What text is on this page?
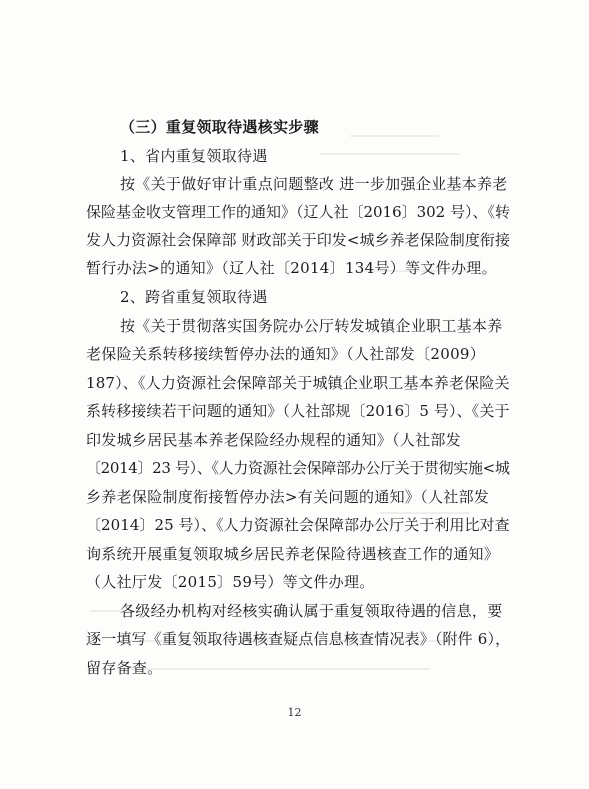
（三）重复领取待遇核实步骤
1、省内重复领取待遇
按《关于做好审计重点问题整改 进一步加强企业基本养老
保险基金收支管理工作的通知》（辽人社〔2016〕302 号）、《转
发人力资源社会保障部 财政部关于印发<城乡养老保险制度衔接
暂行办法>的通知》（辽人社〔2014〕134号）等文件办理。
2、跨省重复领取待遇
按《关于贯彻落实国务院办公厅转发城镇企业职工基本养
老保险关系转移接续暂停办法的通知》（人社部发〔2009）
187）、《人力资源社会保障部关于城镇企业职工基本养老保险关
系转移接续若干问题的通知》（人社部规〔2016〕5 号）、《关于
印发城乡居民基本养老保险经办规程的通知》（人社部发
〔2014〕23 号）、《人力资源社会保障部办公厅关于贯彻实施<城
乡养老保险制度衔接暂停办法>有关问题的通知》（人社部发
〔2014〕25 号）、《人力资源社会保障部办公厅关于利用比对查
询系统开展重复领取城乡居民养老保险待遇核查工作的通知》
（人社厅发〔2015〕59号）等文件办理。
各级经办机构对经核实确认属于重复领取待遇的信息，要
逐一填写《重复领取待遇核查疑点信息核查情况表》（附件 6），
留存备查。
12
